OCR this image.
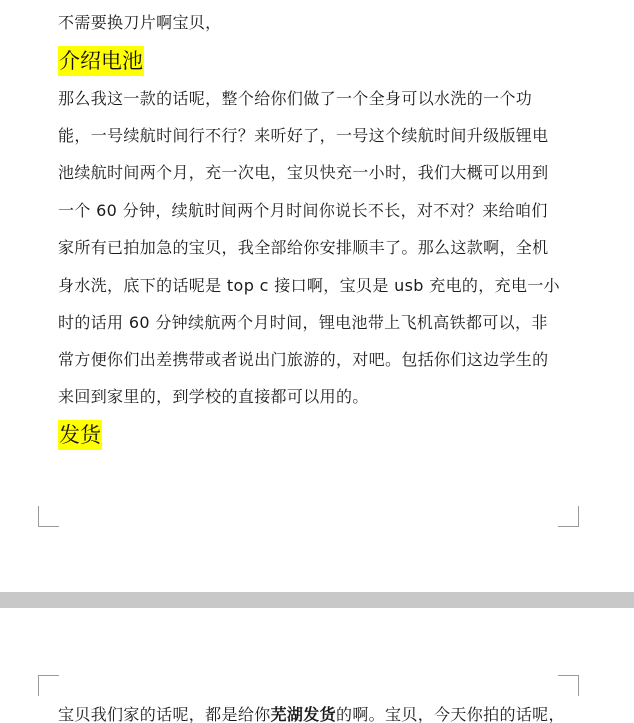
不需要换刀片啊宝贝，
介绍电池
那么我这一款的话呢，整个给你们做了一个全身可以水洗的一个功
能，一号续航时间行不行？来听好了，一号这个续航时间升级版锂电
池续航时间两个月，充一次电，宝贝快充一小时，我们大概可以用到
一个 60 分钟，续航时间两个月时间你说长不长，对不对？来给咱们
家所有已拍加急的宝贝，我全部给你安排顺丰了。那么这款啊，全机
身水洗，底下的话呢是 top c 接口啊，宝贝是 usb 充电的，充电一小
时的话用 60 分钟续航两个月时间，锂电池带上飞机高铁都可以，非
常方便你们出差携带或者说出门旅游的，对吧。包括你们这边学生的
来回到家里的，到学校的直接都可以用的。
发货
宝贝我们家的话呢，都是给你芜湖发货的啊。宝贝，今天你拍的话呢，
